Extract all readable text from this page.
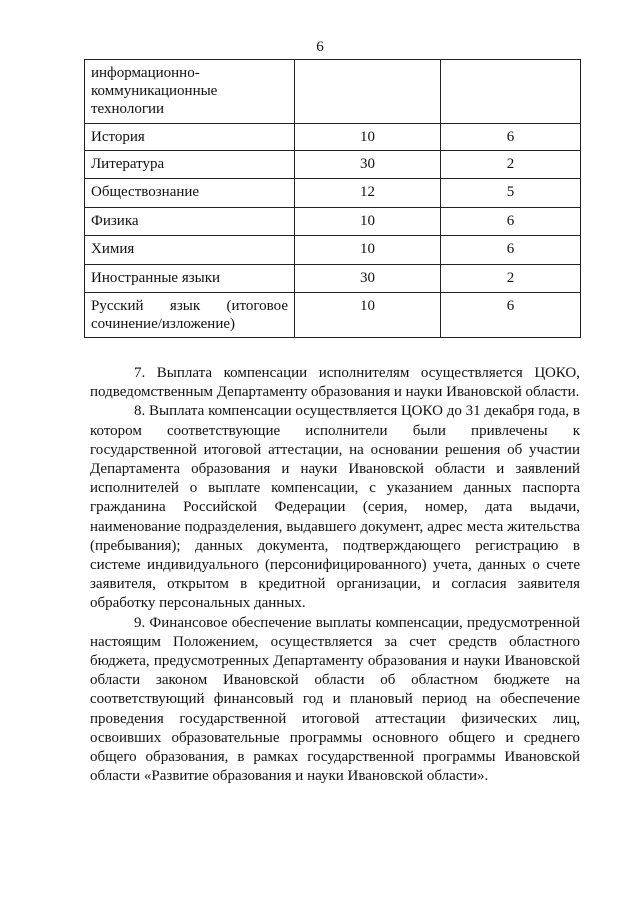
6
информационно-коммуникационные технологии		
История	10	6
Литература	30	2
Обществознание	12	5
Физика	10	6
Химия	10	6
Иностранные языки	30	2
Русский язык (итоговое сочинение/изложение)	10	6

7. Выплата компенсации исполнителям осуществляется ЦОКО, подведомственным Департаменту образования и науки Ивановской области.

8. Выплата компенсации осуществляется ЦОКО до 31 декабря года, в котором соответствующие исполнители были привлечены к государственной итоговой аттестации, на основании решения об участии Департамента образования и науки Ивановской области и заявлений исполнителей о выплате компенсации, с указанием данных паспорта гражданина Российской Федерации (серия, номер, дата выдачи, наименование подразделения, выдавшего документ, адрес места жительства (пребывания); данных документа, подтверждающего регистрацию в системе индивидуального (персонифицированного) учета, данных о счете заявителя, открытом в кредитной организации, и согласия заявителя обработку персональных данных.

9. Финансовое обеспечение выплаты компенсации, предусмотренной настоящим Положением, осуществляется за счет средств областного бюджета, предусмотренных Департаменту образования и науки Ивановской области законом Ивановской области об областном бюджете на соответствующий финансовый год и плановый период на обеспечение проведения государственной итоговой аттестации физических лиц, освоивших образовательные программы основного общего и среднего общего образования, в рамках государственной программы Ивановской области «Развитие образования и науки Ивановской области».
